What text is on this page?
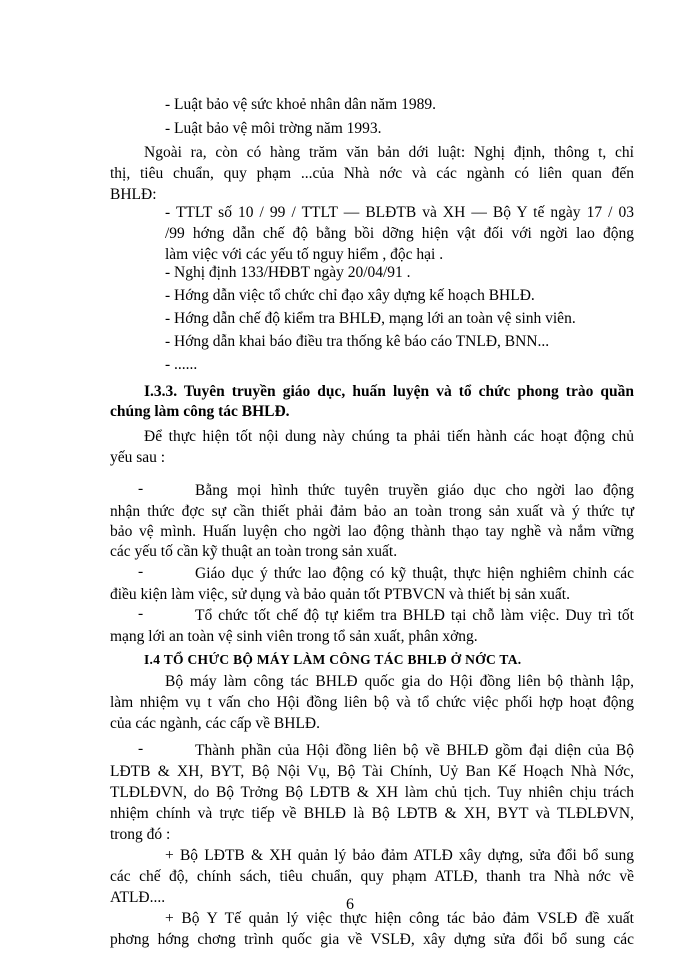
- Luật bảo vệ sức khoẻ nhân dân năm 1989.
- Luật bảo vệ môi trờng năm 1993.
Ngoài ra, còn có hàng trăm văn bản dới luật: Nghị định, thông t, chỉ
thị, tiêu chuẩn, quy phạm ...của Nhà nớc và các ngành có liên quan đến
BHLĐ:
- TTLT số 10 / 99 / TTLT — BLĐTB và XH — Bộ Y tế ngày 17 / 03
/99 hớng dẫn chế độ bằng bồi dỡng hiện vật đối với ngời lao động
làm việc với các yếu tố nguy hiểm , độc hại .
- Nghị định 133/HĐBT ngày 20/04/91 .
- Hớng dẫn việc tổ chức chỉ đạo xây dựng kế hoạch BHLĐ.
- Hớng dẫn chế độ kiểm tra BHLĐ, mạng lới an toàn vệ sinh viên.
- Hớng dẫn khai báo điều tra thống kê báo cáo TNLĐ, BNN...
- ......
I.3.3. Tuyên truyền giáo dục, huấn luyện và tổ chức phong trào quần
chúng làm công tác BHLĐ.
Để thực hiện tốt nội dung này chúng ta phải tiến hành các hoạt động chủ
yếu sau :
-	Bằng mọi hình thức tuyên truyền giáo dục cho ngời lao động
nhận thức đợc sự cần thiết phải đảm bảo an toàn trong sản xuất và ý thức tự
bảo vệ mình. Huấn luyện cho ngời lao động thành thạo tay nghề và nắm vững
các yếu tố cần kỹ thuật an toàn trong sản xuất.
-	Giáo dục ý thức lao động có kỹ thuật, thực hiện nghiêm chỉnh các
điều kiện làm việc, sử dụng và bảo quản tốt PTBVCN và thiết bị sản xuất.
-	Tổ chức tốt chế độ tự kiểm tra BHLĐ tại chỗ làm việc. Duy trì tốt
mạng lới an toàn vệ sinh viên trong tổ sản xuất, phân xởng.
I.4 TỔ CHỨC BỘ MÁY LÀM CÔNG TÁC BHLĐ Ở NỚC TA.
Bộ máy làm công tác BHLĐ quốc gia do Hội đồng liên bộ thành lập,
làm nhiệm vụ t vấn cho Hội đồng liên bộ và tổ chức việc phối hợp hoạt động
của các ngành, các cấp về BHLĐ.
-	Thành phần của Hội đồng liên bộ về BHLĐ gồm đại diện của Bộ
LĐTB & XH, BYT, Bộ Nội Vụ, Bộ Tài Chính, Uỷ Ban Kế Hoạch Nhà Nớc,
TLĐLĐVN, do Bộ Trởng Bộ LĐTB & XH làm chủ tịch. Tuy nhiên chịu trách
nhiệm chính và trực tiếp về BHLĐ là Bộ LĐTB & XH, BYT và TLĐLĐVN,
trong đó :
+ Bộ LĐTB & XH quản lý bảo đảm ATLĐ xây dựng, sửa đổi bổ sung
các chế độ, chính sách, tiêu chuẩn, quy phạm ATLĐ, thanh tra Nhà nớc về
ATLĐ....
+ Bộ Y Tế quản lý việc thực hiện công tác bảo đảm VSLĐ đề xuất
phơng hớng chơng trình quốc gia về VSLĐ, xây dựng sửa đổi bổ sung các
6
